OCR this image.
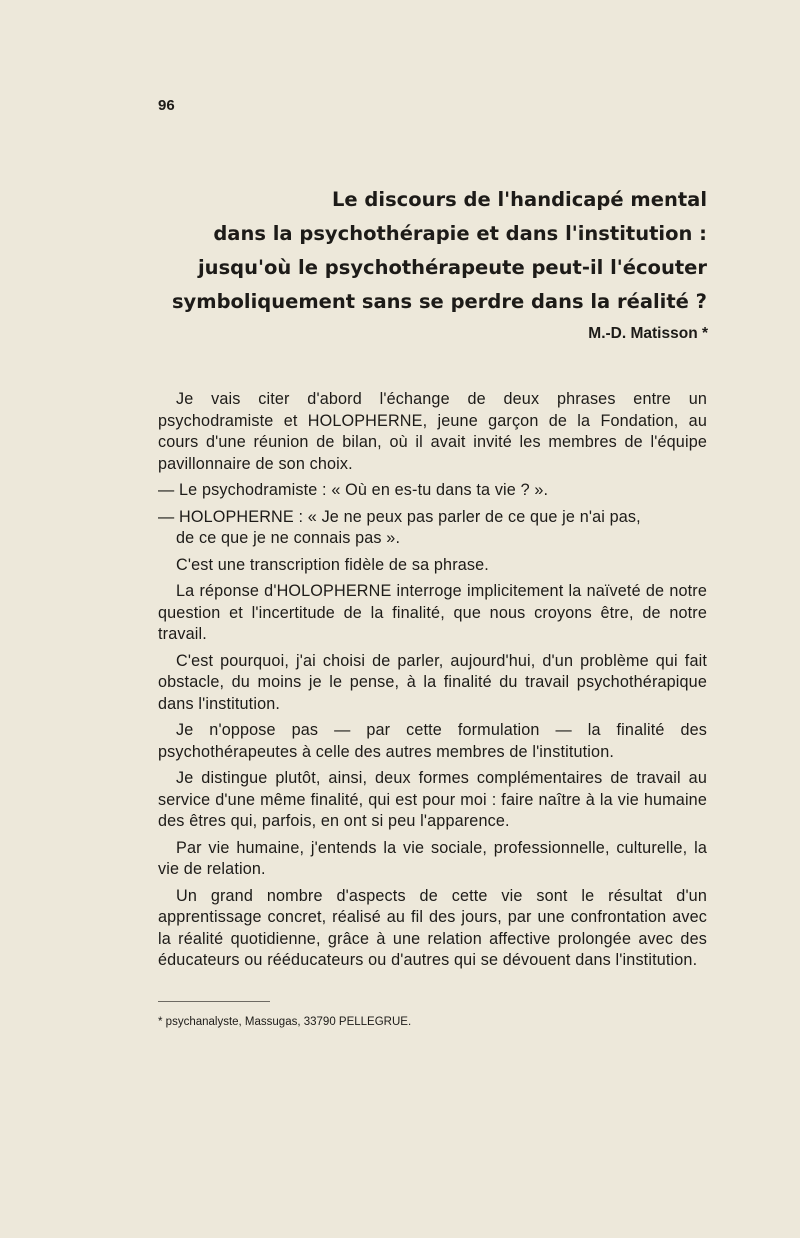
96
Le discours de l'handicapé mental
dans la psychothérapie et dans l'institution :
jusqu'où le psychothérapeute peut-il l'écouter
symboliquement sans se perdre dans la réalité ?
M.-D. Matisson *

Je vais citer d'abord l'échange de deux phrases entre un psychodramiste et HOLOPHERNE, jeune garçon de la Fondation, au cours d'une réunion de bilan, où il avait invité les membres de l'équipe pavillonnaire de son choix.

— Le psychodramiste : « Où en es-tu dans ta vie ? ».

— HOLOPHERNE : « Je ne peux pas parler de ce que je n'ai pas,
de ce que je ne connais pas ».

C'est une transcription fidèle de sa phrase.

La réponse d'HOLOPHERNE interroge implicitement la naïveté de notre question et l'incertitude de la finalité, que nous croyons être, de notre travail.

C'est pourquoi, j'ai choisi de parler, aujourd'hui, d'un problème qui fait obstacle, du moins je le pense, à la finalité du travail psychothérapique dans l'institution.

Je n'oppose pas — par cette formulation — la finalité des psychothérapeutes à celle des autres membres de l'institution.

Je distingue plutôt, ainsi, deux formes complémentaires de travail au service d'une même finalité, qui est pour moi : faire naître à la vie humaine des êtres qui, parfois, en ont si peu l'apparence.

Par vie humaine, j'entends la vie sociale, professionnelle, culturelle, la vie de relation.

Un grand nombre d'aspects de cette vie sont le résultat d'un apprentissage concret, réalisé au fil des jours, par une confrontation avec la réalité quotidienne, grâce à une relation affective prolongée avec des éducateurs ou rééducateurs ou d'autres qui se dévouent dans l'institution.

* psychanalyste, Massugas, 33790 PELLEGRUE.
